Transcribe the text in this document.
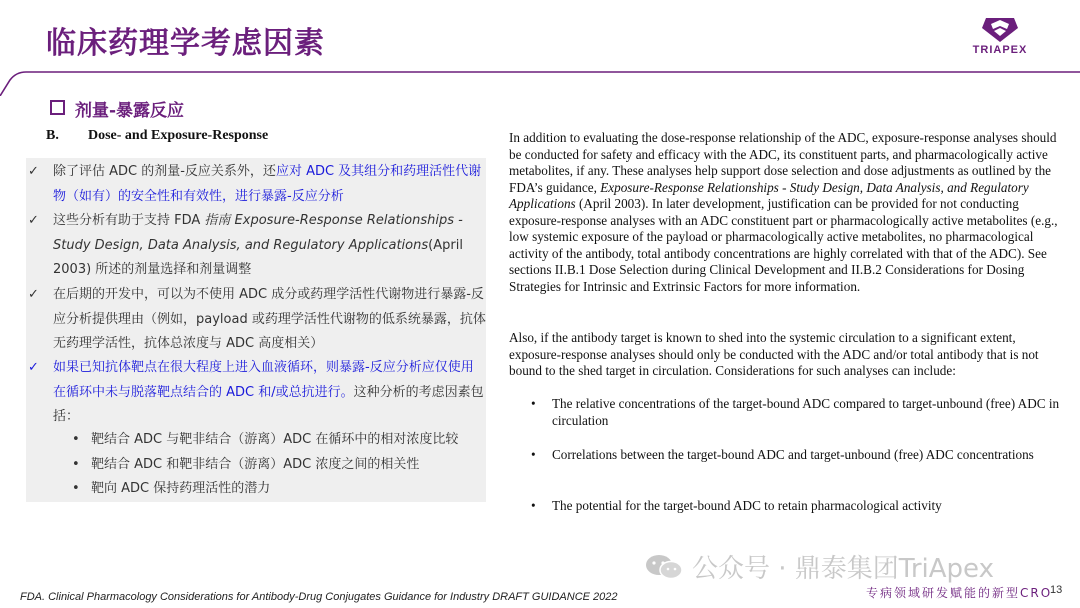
临床药理学考虑因素	TRIAPEX
剂量-暴露反应
B. Dose- and Exposure-Response
✓	除了评估 ADC 的剂量-反应关系外，还应对 ADC 及其组分和药理活性代谢物（如有）的安全性和有效性，进行暴露-反应分析
✓	这些分析有助于支持 FDA 指南 Exposure-Response Relationships - Study Design, Data Analysis, and Regulatory Applications(April 2003) 所述的剂量选择和剂量调整
✓	在后期的开发中，可以为不使用 ADC 成分或药理学活性代谢物进行暴露-反应分析提供理由（例如，payload 或药理学活性代谢物的低系统暴露，抗体无药理学活性，抗体总浓度与 ADC 高度相关）
✓	如果已知抗体靶点在很大程度上进入血液循环，则暴露-反应分析应仅使用在循环中未与脱落靶点结合的 ADC 和/或总抗进行。这种分析的考虑因素包括：
• 靶结合 ADC 与靶非结合（游离）ADC 在循环中的相对浓度比较
• 靶结合 ADC 和靶非结合（游离）ADC 浓度之间的相关性
• 靶向 ADC 保持药理活性的潜力

In addition to evaluating the dose-response relationship of the ADC, exposure-response analyses should be conducted for safety and efficacy with the ADC, its constituent parts, and pharmacologically active metabolites, if any. These analyses help support dose selection and dose adjustments as outlined by the FDA’s guidance, Exposure-Response Relationships - Study Design, Data Analysis, and Regulatory Applications (April 2003). In later development, justification can be provided for not conducting exposure-response analyses with an ADC constituent part or pharmacologically active metabolites (e.g., low systemic exposure of the payload or pharmacologically active metabolites, no pharmacological activity of the antibody, total antibody concentrations are highly correlated with that of the ADC). See sections II.B.1 Dose Selection during Clinical Development and II.B.2 Considerations for Dosing Strategies for Intrinsic and Extrinsic Factors for more information.

Also, if the antibody target is known to shed into the systemic circulation to a significant extent, exposure-response analyses should only be conducted with the ADC and/or total antibody that is not bound to the shed target in circulation. Considerations for such analyses can include:

• The relative concentrations of the target-bound ADC compared to target-unbound (free) ADC in circulation
• Correlations between the target-bound ADC and target-unbound (free) ADC concentrations
• The potential for the target-bound ADC to retain pharmacological activity
公众号 · 鼎泰集团TriApex
FDA. Clinical Pharmacology Considerations for Antibody-Drug Conjugates Guidance for Industry DRAFT GUIDANCE 2022	专病领域研发赋能的新型CRO
13
